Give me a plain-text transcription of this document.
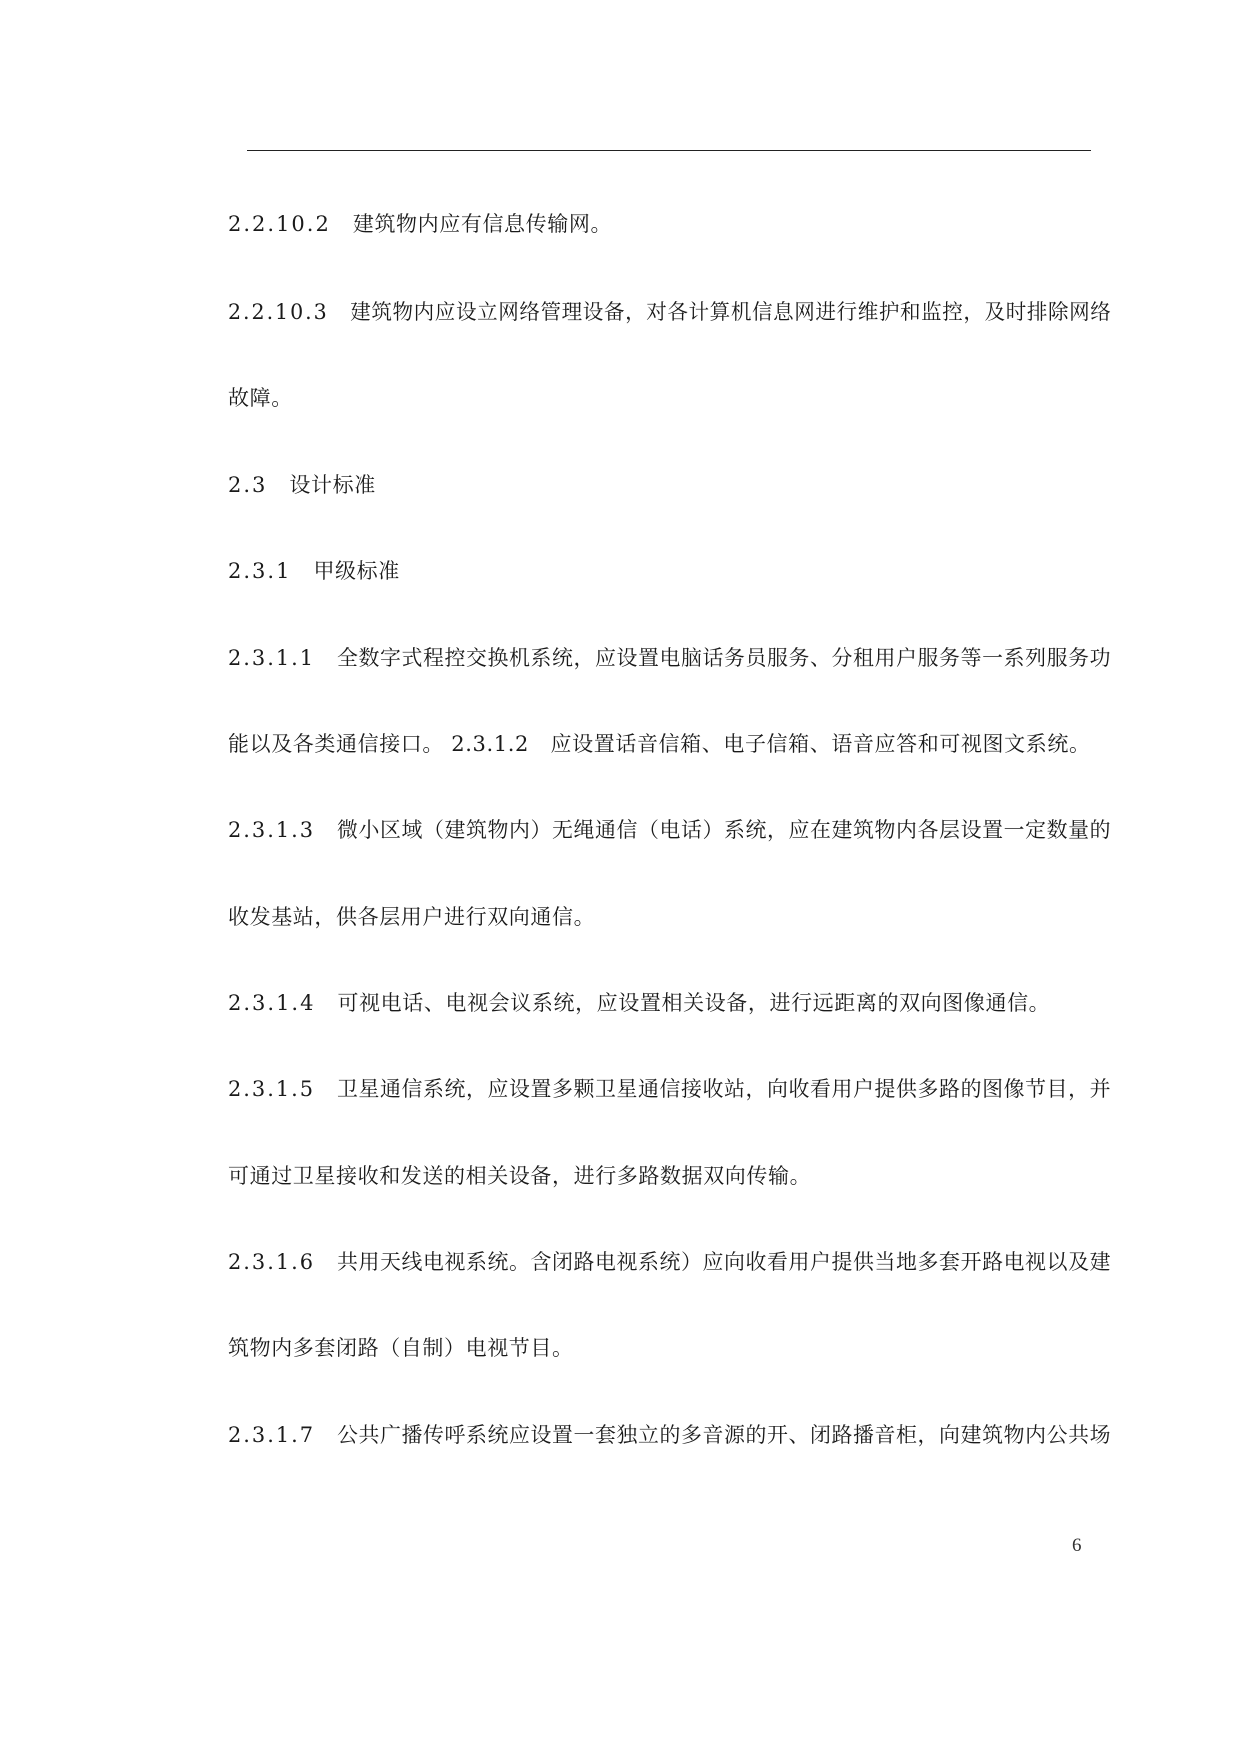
2.2.10.2 建筑物内应有信息传输网。
2.2.10.3 建筑物内应设立网络管理设备，对各计算机信息网进行维护和监控，及时排除网络
故障。
2.3 设计标准
2.3.1 甲级标准
2.3.1.1 全数字式程控交换机系统，应设置电脑话务员服务、分租用户服务等一系列服务功
能以及各类通信接口。 2.3.1.2　应设置话音信箱、电子信箱、语音应答和可视图文系统。
2.3.1.3 微小区域（建筑物内）无绳通信（电话）系统，应在建筑物内各层设置一定数量的
收发基站，供各层用户进行双向通信。
2.3.1.4 可视电话、电视会议系统，应设置相关设备，进行远距离的双向图像通信。
2.3.1.5 卫星通信系统，应设置多颗卫星通信接收站，向收看用户提供多路的图像节目，并
可通过卫星接收和发送的相关设备，进行多路数据双向传输。
2.3.1.6 共用天线电视系统。含闭路电视系统）应向收看用户提供当地多套开路电视以及建
筑物内多套闭路（自制）电视节目。
2.3.1.7 公共广播传呼系统应设置一套独立的多音源的开、闭路播音柜，向建筑物内公共场
6
